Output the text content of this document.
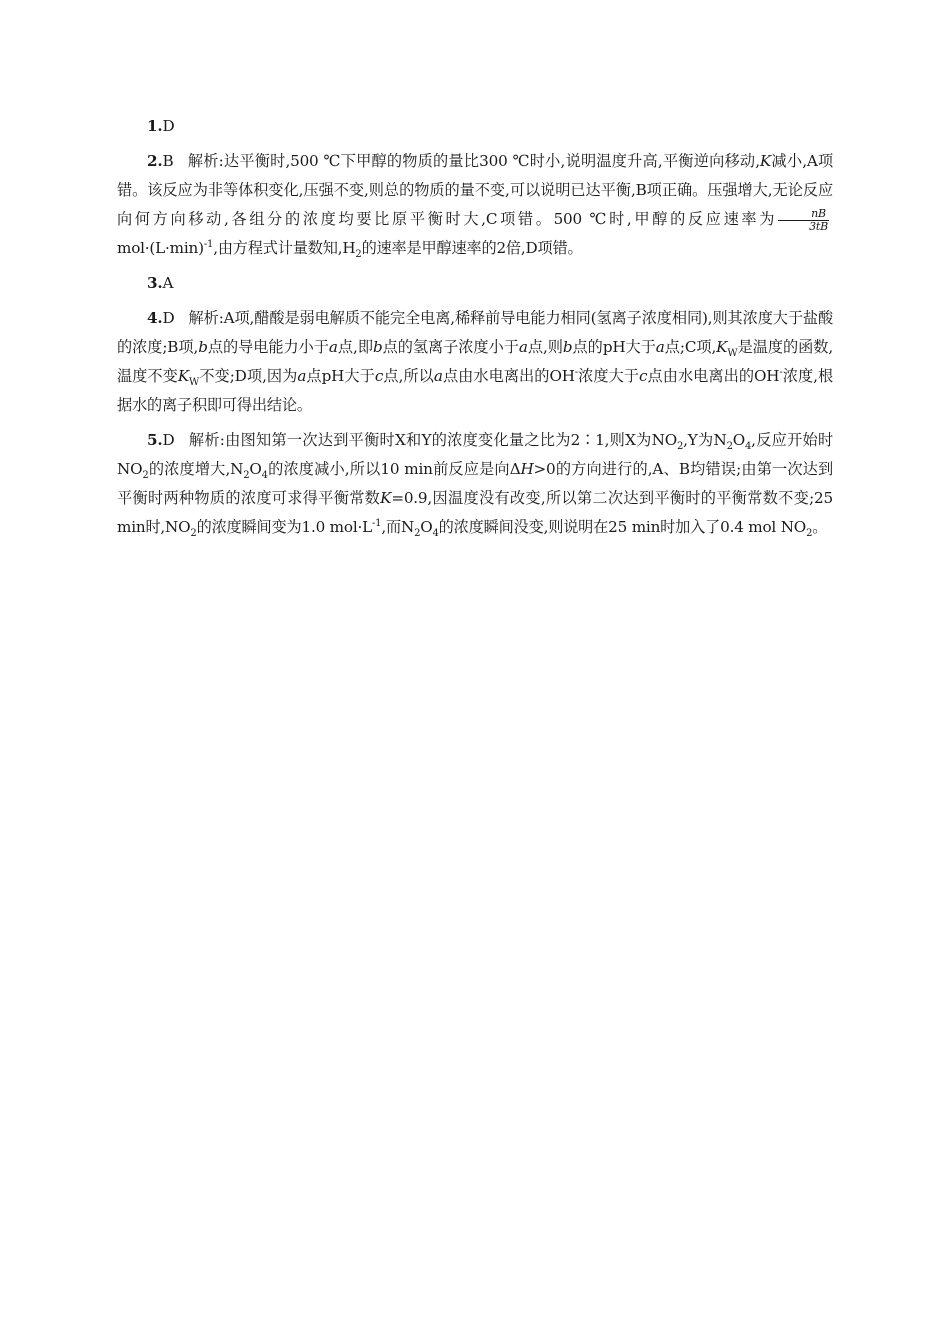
1.D

2.B 解析:达平衡时,500 ℃下甲醇的物质的量比300 ℃时小,说明温度升高,平衡逆向移动,K减小,A项错。该反应为非等体积变化,压强不变,则总的物质的量不变,可以说明已达平衡,B项正确。压强增大,无论反应向何方向移动,各组分的浓度均要比原平衡时大,C项错。500 ℃时,甲醇的反应速率为 $\frac{nB}{3tB}$
$mol\cdot(L\cdot\min)^{-1}$,由方程式计量数知$,H_2$的速率是甲醇速率的2倍,D项错。

3.A

4.D 解析:A项,醋酸是弱电解质不能完全电离,稀释前导电能力相同(氢离子浓度相同),则其浓度大于盐酸的浓度;B项,b点的导电能力小于a点,即b点的氢离子浓度小于a点,则b点的pH大于a点;C项$,K_W$是温度的函数,温度不变$K_W$不变;D项,因为a点pH大于c点,所以a点由水电离出的OH-浓度大于c点由水电离出的OH-浓度,根据水的离子积即可得出结论。

5.D 解析:由图知第一次达到平衡时X和Y的浓度变化量之比为2∶1,则X为$NO_2,Y$为$N_2O_4$,反应开始时$NO_2$的浓度增大$,N_2O_4$的浓度减小,所以10 min前反应是向ΔH>0的方向进行的,A、B均错误;由第一次达到平衡时两种物质的浓度可求得平衡常数K=0.9,因温度没有改变,所以第二次达到平衡时的平衡常数不变;25 min时$,NO_2$的浓度瞬间变为1.0 $mol\cdot L^{-1}$,而$N_2O_4$的浓度瞬间没变,则说明在25 min时加入了0.4 mol $NO_2$。
